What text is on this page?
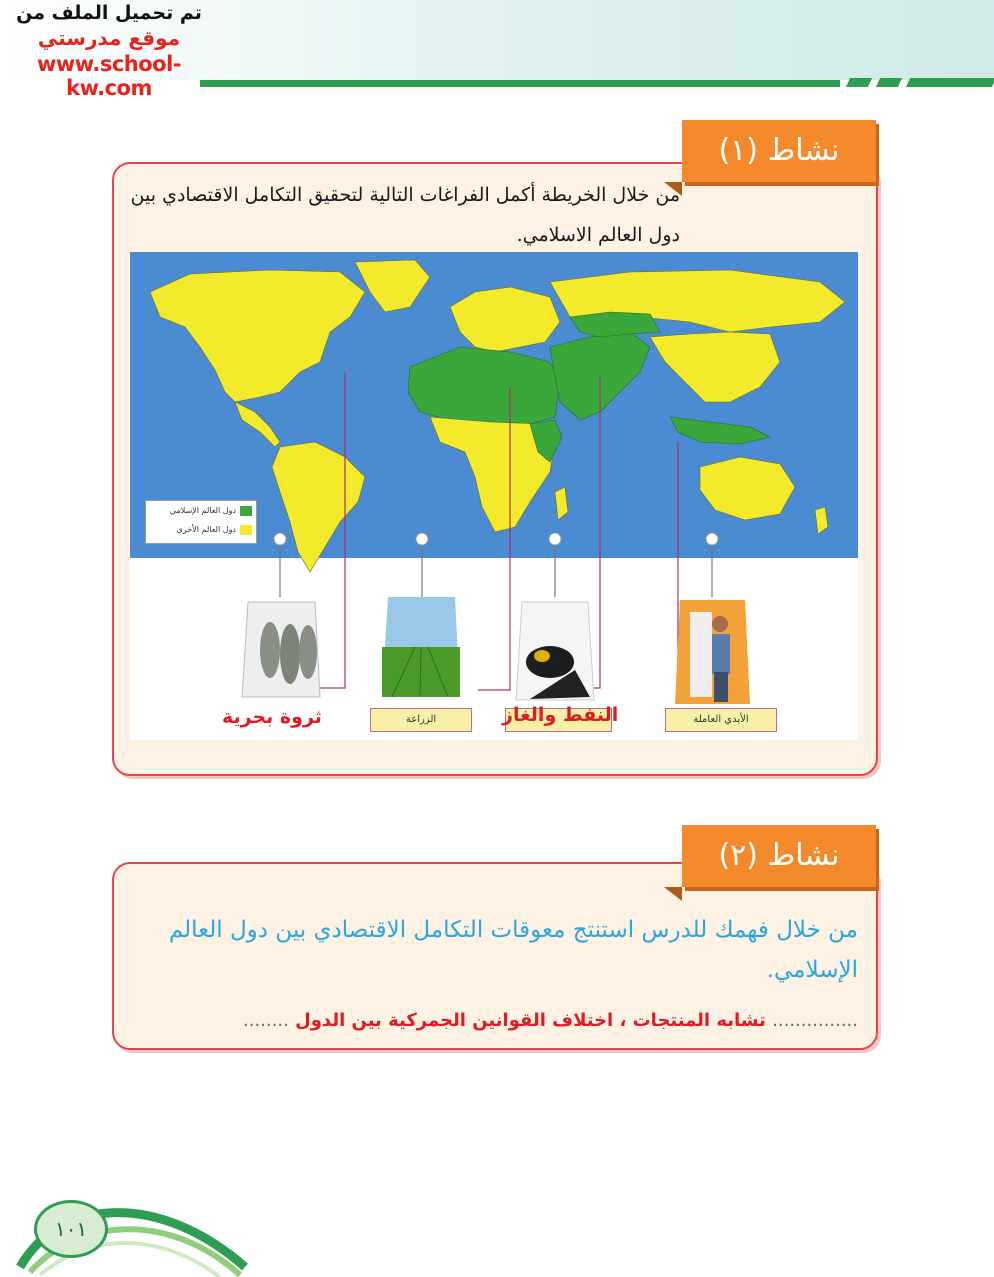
تم تحميل الملف من
موقع مدرستي
www.school-kw.com
نشاط (١)
من خلال الخريطة أكمل الفراغات التالية لتحقيق التكامل الاقتصادي بين دول العالم الاسلامي.
دول العالم الإسلامي
دول العالم الأخرى
الأيدي العاملة
الزراعة	النفط والغاز
ثروة بحرية
نشاط (٢)
من خلال فهمك للدرس استنتج معوقات التكامل الاقتصادي بين دول العالم الإسلامي.
............... تشابه المنتجات ، اختلاف القوانين الجمركية بين الدول ........
١٠١
